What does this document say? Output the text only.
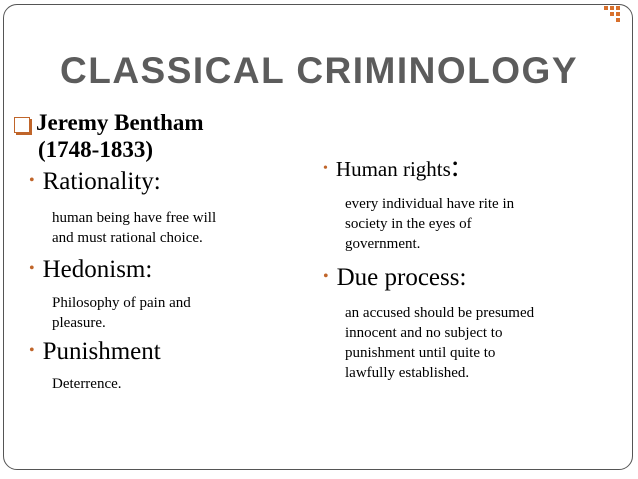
CLASSICAL CRIMINOLOGY
Jeremy Bentham
(1748-1833)
• Rationality:
human being have free will
and must rational choice.
• Hedonism:
Philosophy of pain and
pleasure.
• Punishment
Deterrence.
• Human rights:
every individual have rite in
society in the eyes of
government.
• Due process:
an accused should be presumed
innocent and no subject to
punishment until quite to
lawfully established.
